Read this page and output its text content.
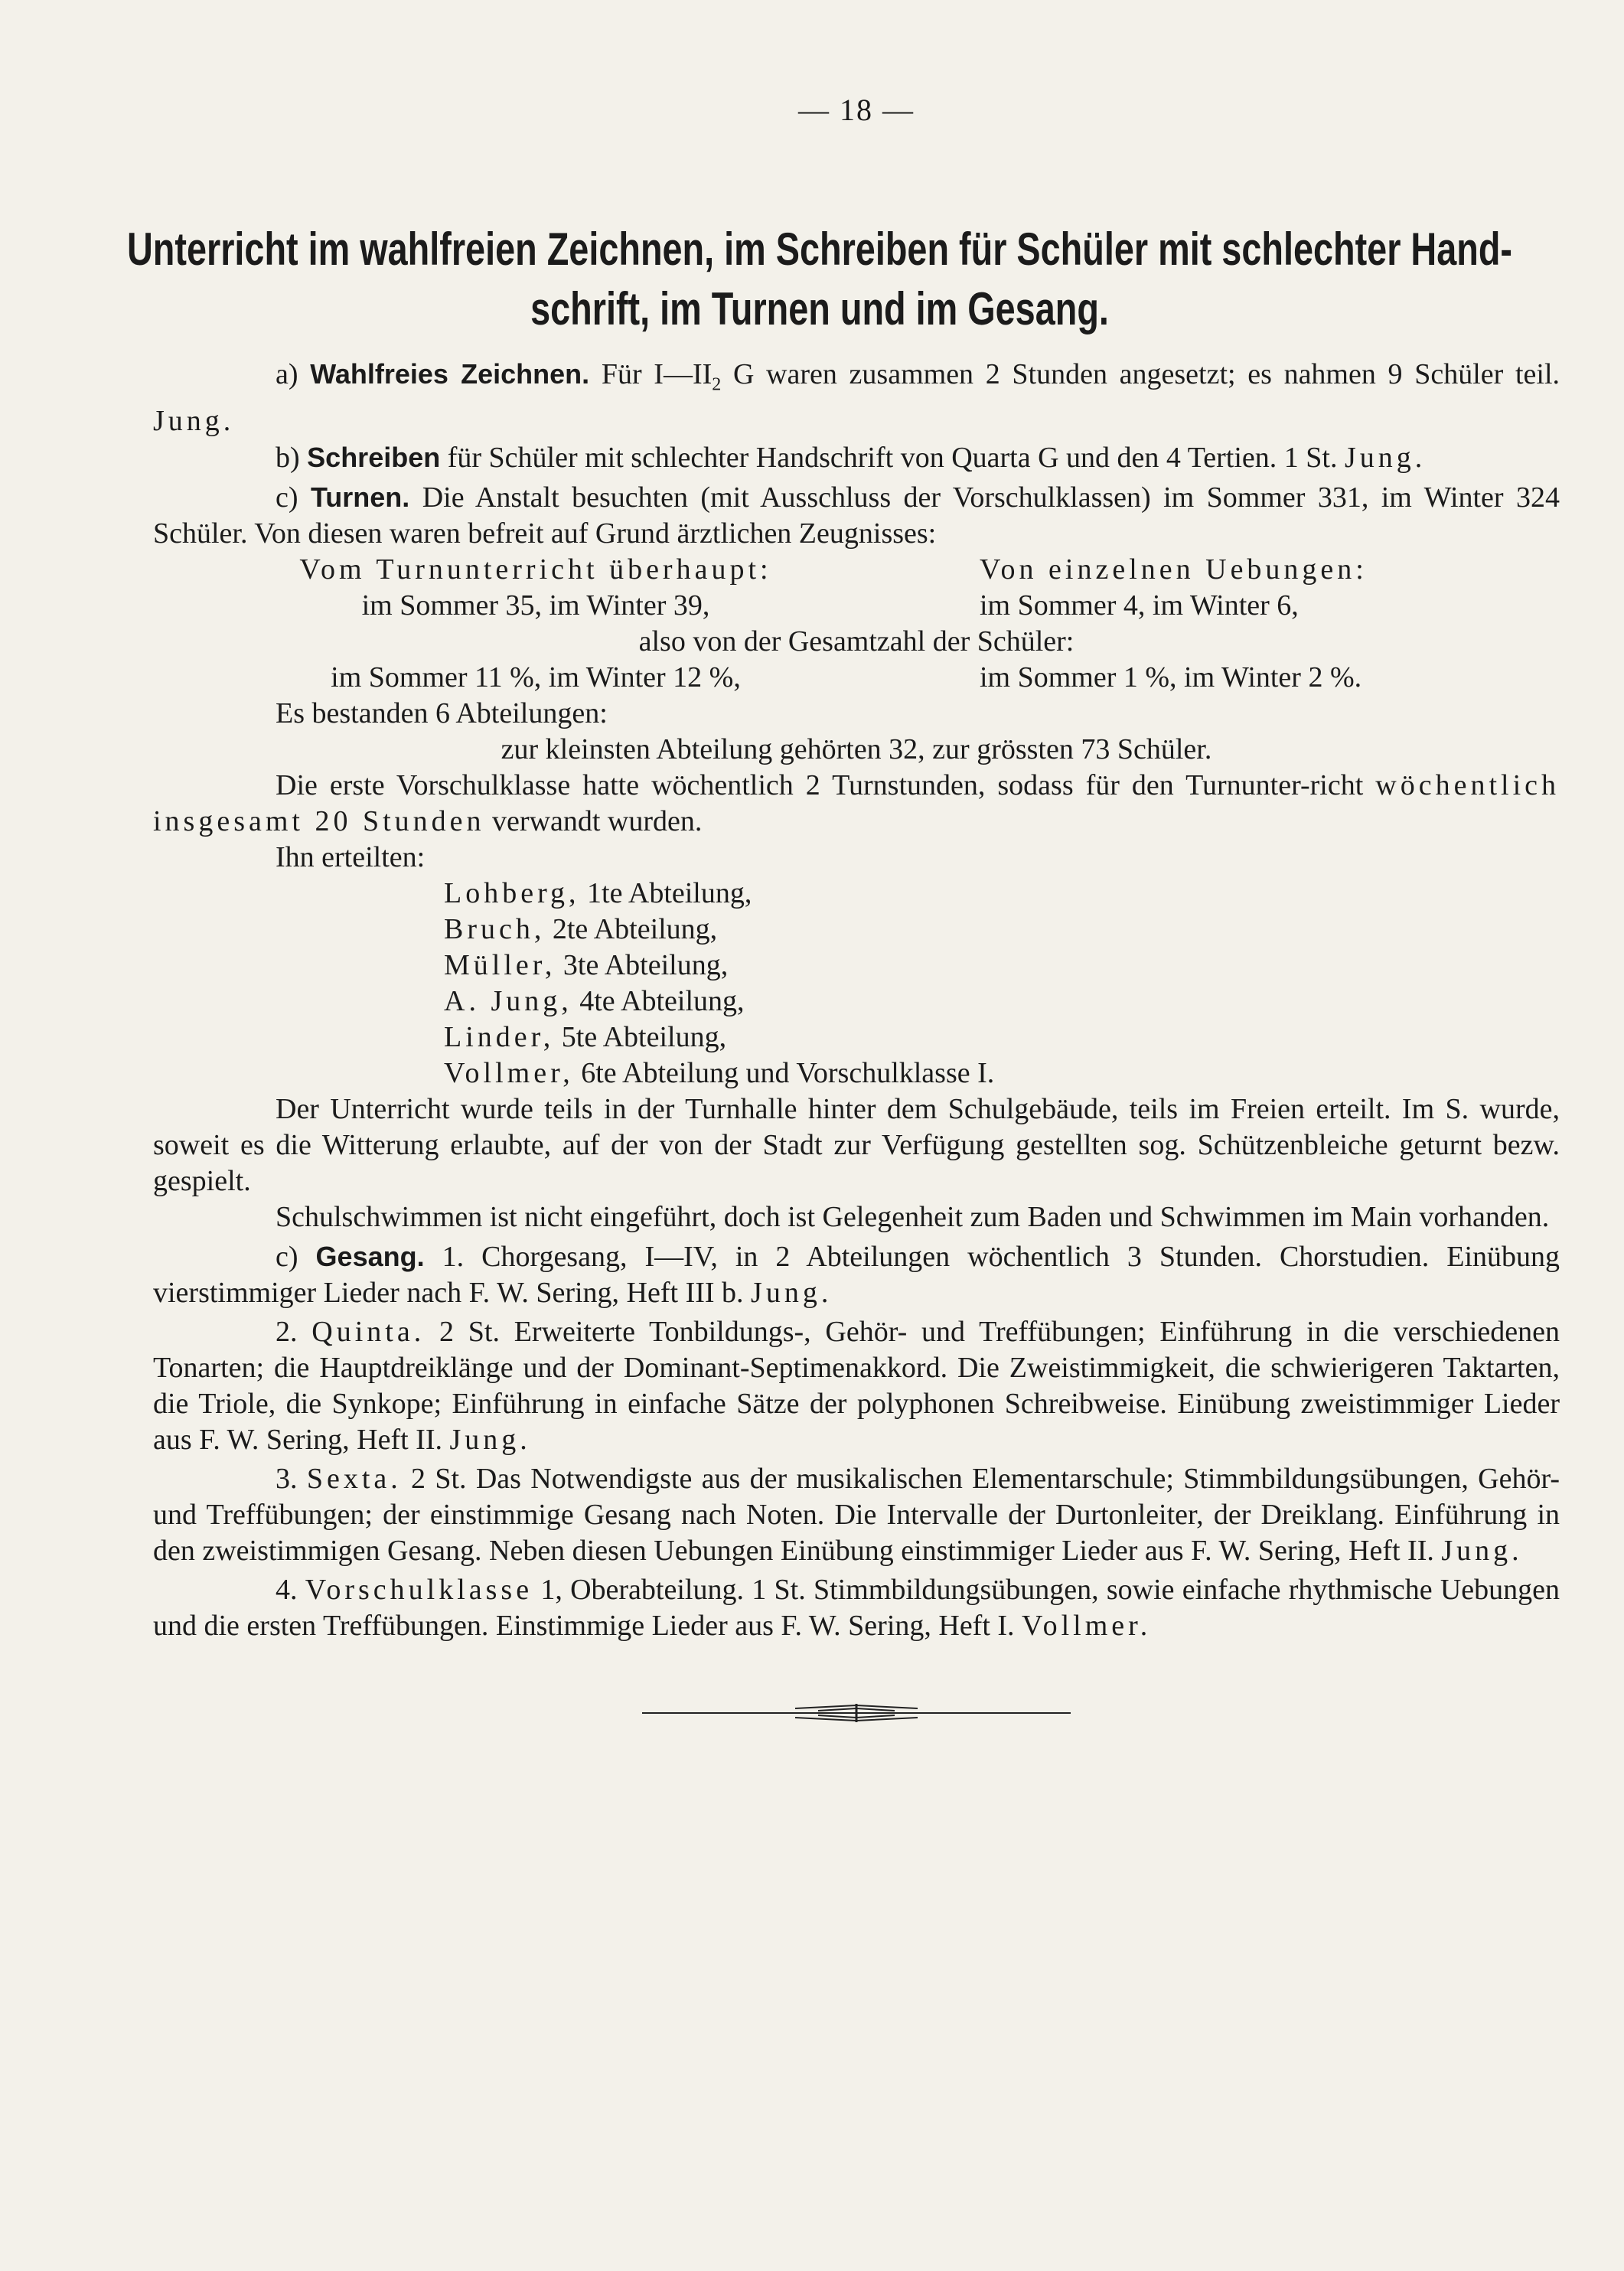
— 18 —
Unterricht im wahlfreien Zeichnen, im Schreiben für Schüler mit schlechter Hand-
schrift, im Turnen und im Gesang.

a) Wahlfreies Zeichnen. Für $I—II_2$ G waren zusammen 2 Stunden angesetzt; es nahmen 9 Schüler teil. Jung.

b) Schreiben für Schüler mit schlechter Handschrift von Quarta G und den 4 Tertien. 1 St. Jung.

c) Turnen. Die Anstalt besuchten (mit Ausschluss der Vorschulklassen) im Sommer 331, im Winter 324 Schüler. Von diesen waren befreit auf Grund ärztlichen Zeugnisses:

Vom Turnunterricht überhaupt:	Von einzelnen Uebungen:
im Sommer 35, im Winter 39,	im Sommer 4, im Winter 6,
also von der Gesamtzahl der Schüler:
im Sommer 11 %, im Winter 12 %,	im Sommer 1 %, im Winter 2 %.

Es bestanden 6 Abteilungen:

zur kleinsten Abteilung gehörten 32, zur grössten 73 Schüler.

Die erste Vorschulklasse hatte wöchentlich 2 Turnstunden, sodass für den Turnunter-richt wöchentlich insgesamt 20 Stunden verwandt wurden.

Ihn erteilten:

Lohberg, 1te Abteilung,
Bruch, 2te Abteilung,
Müller, 3te Abteilung,
A. Jung, 4te Abteilung,
Linder, 5te Abteilung,
Vollmer, 6te Abteilung und Vorschulklasse I.

Der Unterricht wurde teils in der Turnhalle hinter dem Schulgebäude, teils im Freien erteilt. Im S. wurde, soweit es die Witterung erlaubte, auf der von der Stadt zur Verfügung gestellten sog. Schützenbleiche geturnt bezw. gespielt.

Schulschwimmen ist nicht eingeführt, doch ist Gelegenheit zum Baden und Schwimmen im Main vorhanden.

c) Gesang. 1. Chorgesang, I—IV, in 2 Abteilungen wöchentlich 3 Stunden. Chorstudien. Einübung vierstimmiger Lieder nach F. W. Sering, Heft III b. Jung.

2. Quinta. 2 St. Erweiterte Tonbildungs-, Gehör- und Treffübungen; Einführung in die verschiedenen Tonarten; die Hauptdreiklänge und der Dominant-Septimenakkord. Die Zweistimmigkeit, die schwierigeren Taktarten, die Triole, die Synkope; Einführung in einfache Sätze der polyphonen Schreibweise. Einübung zweistimmiger Lieder aus F. W. Sering, Heft II. Jung.

3. Sexta. 2 St. Das Notwendigste aus der musikalischen Elementarschule; Stimmbildungsübungen, Gehör- und Treffübungen; der einstimmige Gesang nach Noten. Die Intervalle der Durtonleiter, der Dreiklang. Einführung in den zweistimmigen Gesang. Neben diesen Uebungen Einübung einstimmiger Lieder aus F. W. Sering, Heft II. Jung.

4. Vorschulklasse 1, Oberabteilung. 1 St. Stimmbildungsübungen, sowie einfache rhythmische Uebungen und die ersten Treffübungen. Einstimmige Lieder aus F. W. Sering, Heft I. Vollmer.
